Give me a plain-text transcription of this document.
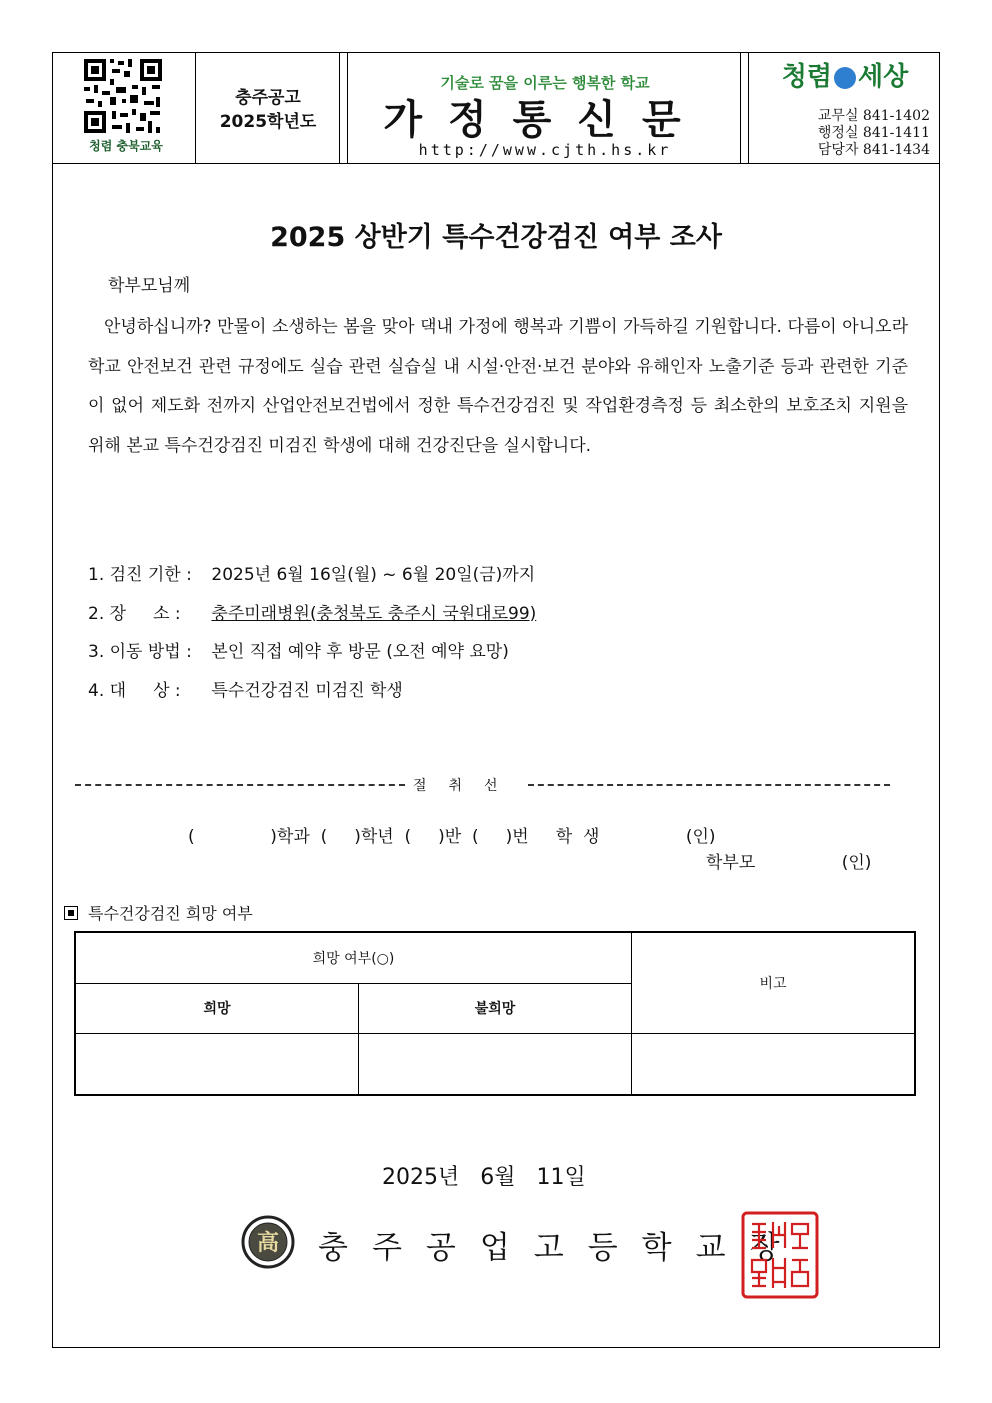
청렴 충북교육
충주공고
2025학년도
기술로 꿈을 이루는 행복한 학교
가정통신문
http://www.cjth.hs.kr
청렴 세상
교무실 841-1402
행정실 841-1411
담당자 841-1434
2025 상반기 특수건강검진 여부 조사
학부모님께
안녕하십니까? 만물이 소생하는 봄을 맞아 댁내 가정에 행복과 기쁨이 가득하길 기원합니다. 다름이 아니오라 학교 안전보건 관련 규정에도 실습 관련 실습실 내 시설·안전·보건 분야와 유해인자 노출기준 등과 관련한 기준이 없어 제도화 전까지 산업안전보건법에서 정한 특수건강검진 및 작업환경측정 등 최소한의 보호조치 지원을 위해 본교 특수건강검진 미검진 학생에 대해 건강진단을 실시합니다.
1. 검진 기한 : 2025년 6월 16일(월) ~ 6월 20일(금)까지
2. 장     소 : 충주미래병원(충청북도 충주시 국원대로99)
3. 이동 방법 : 본인 직접 예약 후 방문 (오전 예약 요망)
4. 대     상 : 특수건강검진 미검진 학생
절취선
(              )학과  (     )학년  (     )반  (     )번     학  생                (인)
학부모                (인)
특수건강검진 희망 여부
희망 여부(○)		비고
희망	불희망	

2025년   6월   11일
高 충주공업고등학교장
